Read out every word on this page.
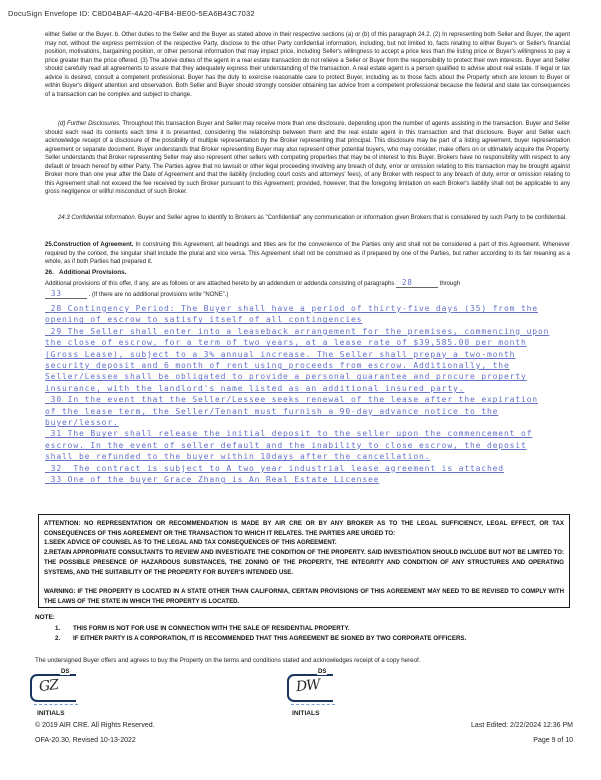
DocuSign Envelope ID: C8D04BAF-4A20-4FB4-BE00-5EA6B43C7032
either Seller or the Buyer. b. Other duties to the Seller and the Buyer as stated above in their respective sections (a) or (b) of this paragraph 24.2. (2) In representing both Seller and Buyer, the agent may not, without the express permission of the respective Party, disclose to the other Party confidential information, including, but not limited to, facts relating to either Buyer's or Seller's financial position, motivations, bargaining position, or other personal information that may impact price, including Seller's willingness to accept a price less than the listing price or Buyer's willingness to pay a price greater than the price offered. (3) The above duties of the agent in a real estate transaction do not relieve a Seller or Buyer from the responsibility to protect their own interests. Buyer and Seller should carefully read all agreements to assure that they adequately express their understanding of the transaction. A real estate agent is a person qualified to advise about real estate. If legal or tax advice is desired, consult a competent professional. Buyer has the duty to exercise reasonable care to protect Buyer, including as to those facts about the Property which are known to Buyer or within Buyer's diligent attention and observation. Both Seller and Buyer should strongly consider obtaining tax advice from a competent professional because the federal and state tax consequences of a transaction can be complex and subject to change.
(d) Further Disclosures. Throughout this transaction Buyer and Seller may receive more than one disclosure, depending upon the number of agents assisting in the transaction. Buyer and Seller should each read its contents each time it is presented, considering the relationship between them and the real estate agent in this transaction and that disclosure. Buyer and Seller each acknowledge receipt of a disclosure of the possibility of multiple representation by the Broker representing that principal. This disclosure may be part of a listing agreement, buyer representation agreement or separate document. Buyer understands that Broker representing Buyer may also represent other potential buyers, who may consider, make offers on or ultimately acquire the Property. Seller understands that Broker representing Seller may also represent other sellers with competing properties that may be of interest to this Buyer. Brokers have no responsibility with respect to any default or breach hereof by either Party. The Parties agree that no lawsuit or other legal proceeding involving any breach of duty, error or omission relating to this transaction may be brought against Broker more than one year after the Date of Agreement and that the liability (including court costs and attorneys' fees), of any Broker with respect to any breach of duty, error or omission relating to this Agreement shall not exceed the fee received by such Broker pursuant to this Agreement; provided, however, that the foregoing limitation on each Broker's liability shall not be applicable to any gross negligence or willful misconduct of such Broker.
24.3 Confidential Information. Buyer and Seller agree to identify to Brokers as "Confidential" any communication or information given Brokers that is considered by such Party to be confidential.
25.Construction of Agreement. In construing this Agreement, all headings and titles are for the convenience of the Parties only and shall not be considered a part of this Agreement. Whenever required by the context, the singular shall include the plural and vice versa. This Agreement shall not be construed as if prepared by one of the Parties, but rather according to its fair meaning as a whole, as if both Parties had prepared it.
26.   Additional Provisions.
Additional provisions of this offer, if any, are as follows or are attached hereto by an addendum or addenda consisting of paragraphs 28	through
33	. (If there are no additional provisions write “NONE”.)
28 Contingency Period: The Buyer shall have a period of thirty-five days (35) from the
opening of escrow to satisfy itself of all contingencies
29 The Seller shall enter into a leaseback arrangement for the premises, commencing upon
the close of escrow, for a term of two years, at a lease rate of $39,585.00 per month
(Gross Lease), subject to a 3% annual increase. The Seller shall prepay a two-month
security deposit and 6 month of rent using proceeds from escrow. Additionally, the
Seller/Lessee shall be obligated to provide a personal guarantee and procure property
insurance, with the landlord's name listed as an additional insured party.
30 In the event that the Seller/Lessee seeks renewal of the lease after the expiration
of the lease term, the Seller/Tenant must furnish a 90-day advance notice to the
buyer/lessor.
31 The Buyer shall release the initial deposit to the seller upon the commencement of
escrow. In the event of seller default and the inability to close escrow, the deposit
shall be refunded to the buyer within 10days after the cancellation.
32  The contract is subject to A two year industrial lease agreement is attached
33 One of the buyer Grace Zhang is An Real Estate Licensee
ATTENTION: NO REPRESENTATION OR RECOMMENDATION IS MADE BY AIR CRE OR BY ANY BROKER AS TO THE LEGAL SUFFICIENCY, LEGAL EFFECT, OR TAX CONSEQUENCES OF THIS AGREEMENT OR THE TRANSACTION TO WHICH IT RELATES. THE PARTIES ARE URGED TO:
1.SEEK ADVICE OF COUNSEL AS TO THE LEGAL AND TAX CONSEQUENCES OF THIS AGREEMENT.
2.RETAIN APPROPRIATE CONSULTANTS TO REVIEW AND INVESTIGATE THE CONDITION OF THE PROPERTY. SAID INVESTIGATION SHOULD INCLUDE BUT NOT BE LIMITED TO: THE POSSIBLE PRESENCE OF HAZARDOUS SUBSTANCES, THE ZONING OF THE PROPERTY, THE INTEGRITY AND CONDITION OF ANY STRUCTURES AND OPERATING SYSTEMS, AND THE SUITABILITY OF THE PROPERTY FOR BUYER'S INTENDED USE.
WARNING: IF THE PROPERTY IS LOCATED IN A STATE OTHER THAN CALIFORNIA, CERTAIN PROVISIONS OF THIS AGREEMENT MAY NEED TO BE REVISED TO COMPLY WITH THE LAWS OF THE STATE IN WHICH THE PROPERTY IS LOCATED.
NOTE:
1.	THIS FORM IS NOT FOR USE IN CONNECTION WITH THE SALE OF RESIDENTIAL PROPERTY.
2.	IF EITHER PARTY IS A CORPORATION, IT IS RECOMMENDED THAT THIS AGREEMENT BE SIGNED BY TWO CORPORATE OFFICERS.
The undersigned Buyer offers and agrees to buy the Property on the terms and conditions stated and acknowledges receipt of a copy hereof.
DS
GZ
DS
DW
INITIALS	INITIALS
© 2019 AIR CRE. All Rights Reserved.
OFA-20.30, Revised 10-13-2022
Last Edited: 2/22/2024 12:36 PM
Page 9 of 10
